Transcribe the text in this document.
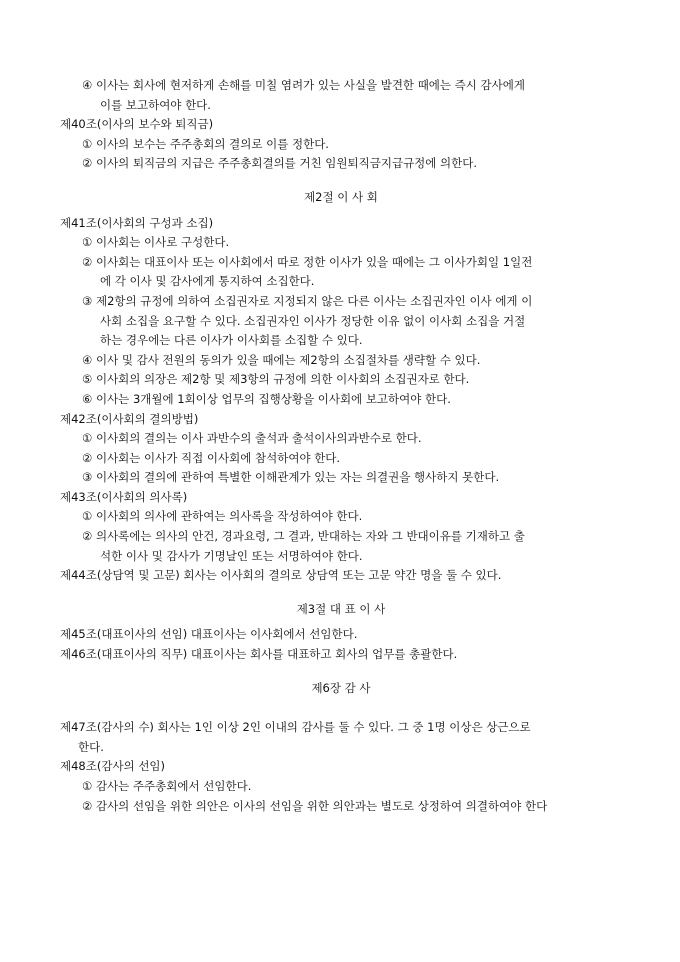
④ 이사는 회사에 현저하게 손해를 미칠 염려가 있는 사실을 발견한 때에는 즉시 감사에게
이를 보고하여야 한다.
제40조(이사의 보수와 퇴직금)
① 이사의 보수는 주주총회의 결의로 이를 정한다.
② 이사의 퇴직금의 지급은 주주총회결의를 거친 임원퇴직금지급규정에 의한다.
제2절 이 사 회
제41조(이사회의 구성과 소집)
① 이사회는 이사로 구성한다.
② 이사회는 대표이사 또는 이사회에서 따로 정한 이사가 있을 때에는 그 이사가회일 1일전
에 각 이사 및 감사에게 통지하여 소집한다.
③ 제2항의 규정에 의하여 소집권자로 지정되지 않은 다른 이사는 소집권자인 이사 에게 이
사회 소집을 요구할 수 있다. 소집권자인 이사가 정당한 이유 없이 이사회 소집을 거절
하는 경우에는 다른 이사가 이사회를 소집할 수 있다.
④ 이사 및 감사 전원의 동의가 있을 때에는 제2항의 소집절차를 생략할 수 있다.
⑤ 이사회의 의장은 제2항 및 제3항의 규정에 의한 이사회의 소집권자로 한다.
⑥ 이사는 3개월에 1회이상 업무의 집행상황을 이사회에 보고하여야 한다.
제42조(이사회의 결의방법)
① 이사회의 결의는 이사 과반수의 출석과 출석이사의과반수로 한다.
② 이사회는 이사가 직접 이사회에 참석하여야 한다.
③ 이사회의 결의에 관하여 특별한 이해관계가 있는 자는 의결권을 행사하지 못한다.
제43조(이사회의 의사록)
① 이사회의 의사에 관하여는 의사록을 작성하여야 한다.
② 의사록에는 의사의 안건, 경과요령, 그 결과, 반대하는 자와 그 반대이유를 기재하고 출
석한 이사 및 감사가 기명날인 또는 서명하여야 한다.
제44조(상담역 및 고문) 회사는 이사회의 결의로 상담역 또는 고문 약간 명을 둘 수 있다.
제3절 대 표 이 사
제45조(대표이사의 선임) 대표이사는 이사회에서 선임한다.
제46조(대표이사의 직무) 대표이사는 회사를 대표하고 회사의 업무를 총괄한다.
제6장 감 사
제47조(감사의 수) 회사는 1인 이상 2인 이내의 감사를 둘 수 있다. 그 중 1명 이상은 상근으로
한다.
제48조(감사의 선임)
① 감사는 주주총회에서 선임한다.
② 감사의 선임을 위한 의안은 이사의 선임을 위한 의안과는 별도로 상정하여 의결하여야 한다
